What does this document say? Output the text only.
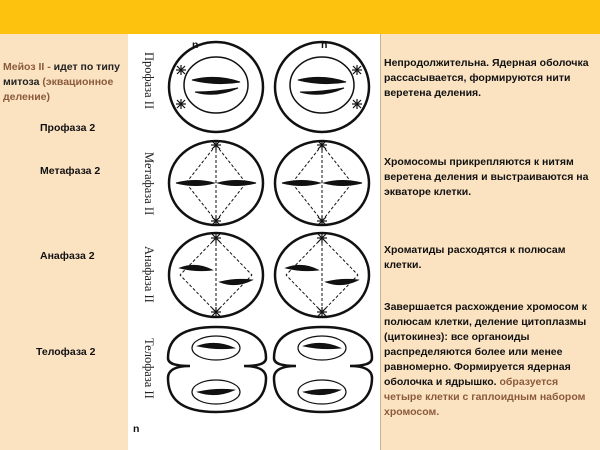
Мейоз II - идет по типу митоза (эквационное деление)
Профаза 2
Метафаза 2
Анафаза 2
Телофаза 2
n	n
n
Профаза II
Метафаза II
Анафаза II
Телофаза II
Непродолжительна. Ядерная оболочка рассасывается, формируются нити веретена деления.
Хромосомы прикрепляются к нитям веретена деления и выстраиваются на экваторе клетки.
Хроматиды расходятся к полюсам клетки.
Завершается расхождение хромосом к полюсам клетки, деление цитоплазмы (цитокинез): все органоиды распределяются более или менее равномерно. Формируется ядерная оболочка и ядрышко. образуется четыре клетки с гаплоидным набором хромосом.
